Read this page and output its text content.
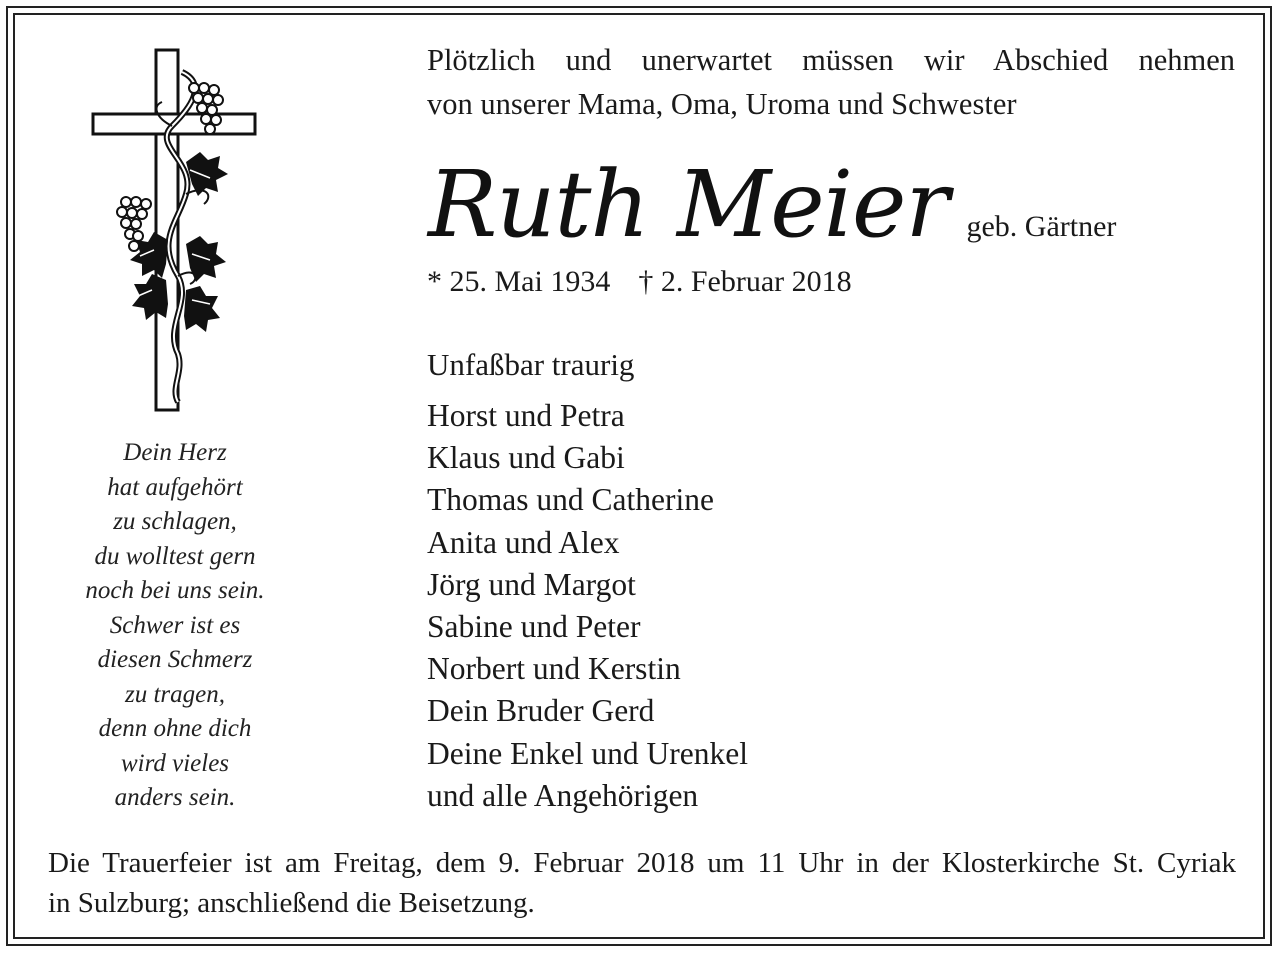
Dein Herz
hat aufgehört
zu schlagen,
du wolltest gern
noch bei uns sein.
Schwer ist es
diesen Schmerz
zu tragen,
denn ohne dich
wird vieles
anders sein.
Plötzlich und unerwartet müssen wir Abschied nehmen
von unserer Mama, Oma, Uroma und Schwester
Ruth Meier geb. Gärtner
* 25. Mai 1934 † 2. Februar 2018
Unfaßbar traurig
Horst und Petra
Klaus und Gabi
Thomas und Catherine
Anita und Alex
Jörg und Margot
Sabine und Peter
Norbert und Kerstin
Dein Bruder Gerd
Deine Enkel und Urenkel
und alle Angehörigen
Die Trauerfeier ist am Freitag, dem 9. Februar 2018 um 11 Uhr in der Klosterkirche St. Cyriak
in Sulzburg; anschließend die Beisetzung.
